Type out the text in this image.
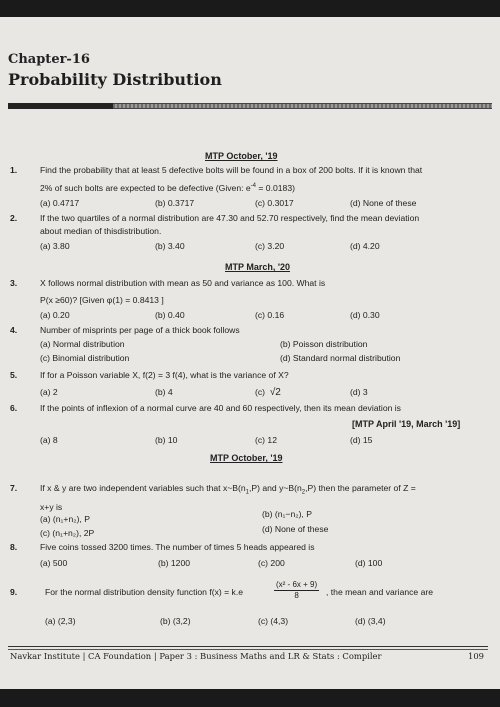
Chapter-16
Probability Distribution
MTP October, '19
1.	Find the probability that at least 5 defective bolts will be found in a box of 200 bolts. If it is known that
2% of such bolts are expected to be defective (Given: $e^{-4} = 0.0183$)
(a) 0.4717	(b) 0.3717	(c) 0.3017	(d) None of these
2.	If the two quartiles of a normal distribution are 47.30 and 52.70 respectively, find the mean deviation
about median of thisdistribution.
(a) 3.80	(b) 3.40	(c) 3.20	(d) 4.20
MTP March, '20
3.	X follows normal distribution with mean as 50 and variance as 100. What is
P(x ≥60)? [Given φ(1) = 0.8413 ]
(a) 0.20	(b) 0.40	(c) 0.16	(d) 0.30
4.	Number of misprints per page of a thick book follows
(a) Normal distribution	(b) Poisson distribution
(c) Binomial distribution	(d) Standard normal distribution
5.	If for a Poisson variable X, f(2) = 3 f(4), what is the variance of X?
(a) 2	(b) 4	(c) √2	(d) 3
6.	If the points of inflexion of a normal curve are 40 and 60 respectively, then its mean deviation is
[MTP April '19, March '19]
(a) 8	(b) 10	(c) 12	(d) 15
MTP October, '19
7.	If x & y are two independent variables such that $x\sim B(n_1,P)$ and $y\sim B(n_2,P)$ then the parameter of Z =
x+y is
(a) (n₁+n₂), P	(b) (n₁−n₂), P
(c) (n₁+n₂), 2P	(d) None of these
8.	Five coins tossed 3200 times. The number of times 5 heads appeared is
(a) 500	(b) 1200	(c) 200	(d) 100
9.	For the normal distribution density function f(x) = k.e	$\frac{\text{(x² - 6x + 9)}}{8}$ , the mean and variance are
(a) (2,3)	(b) (3,2)	(c) (4,3)	(d) (3,4)
Navkar Institute | CA Foundation | Paper 3 : Business Maths and LR & Stats : Compiler	109
